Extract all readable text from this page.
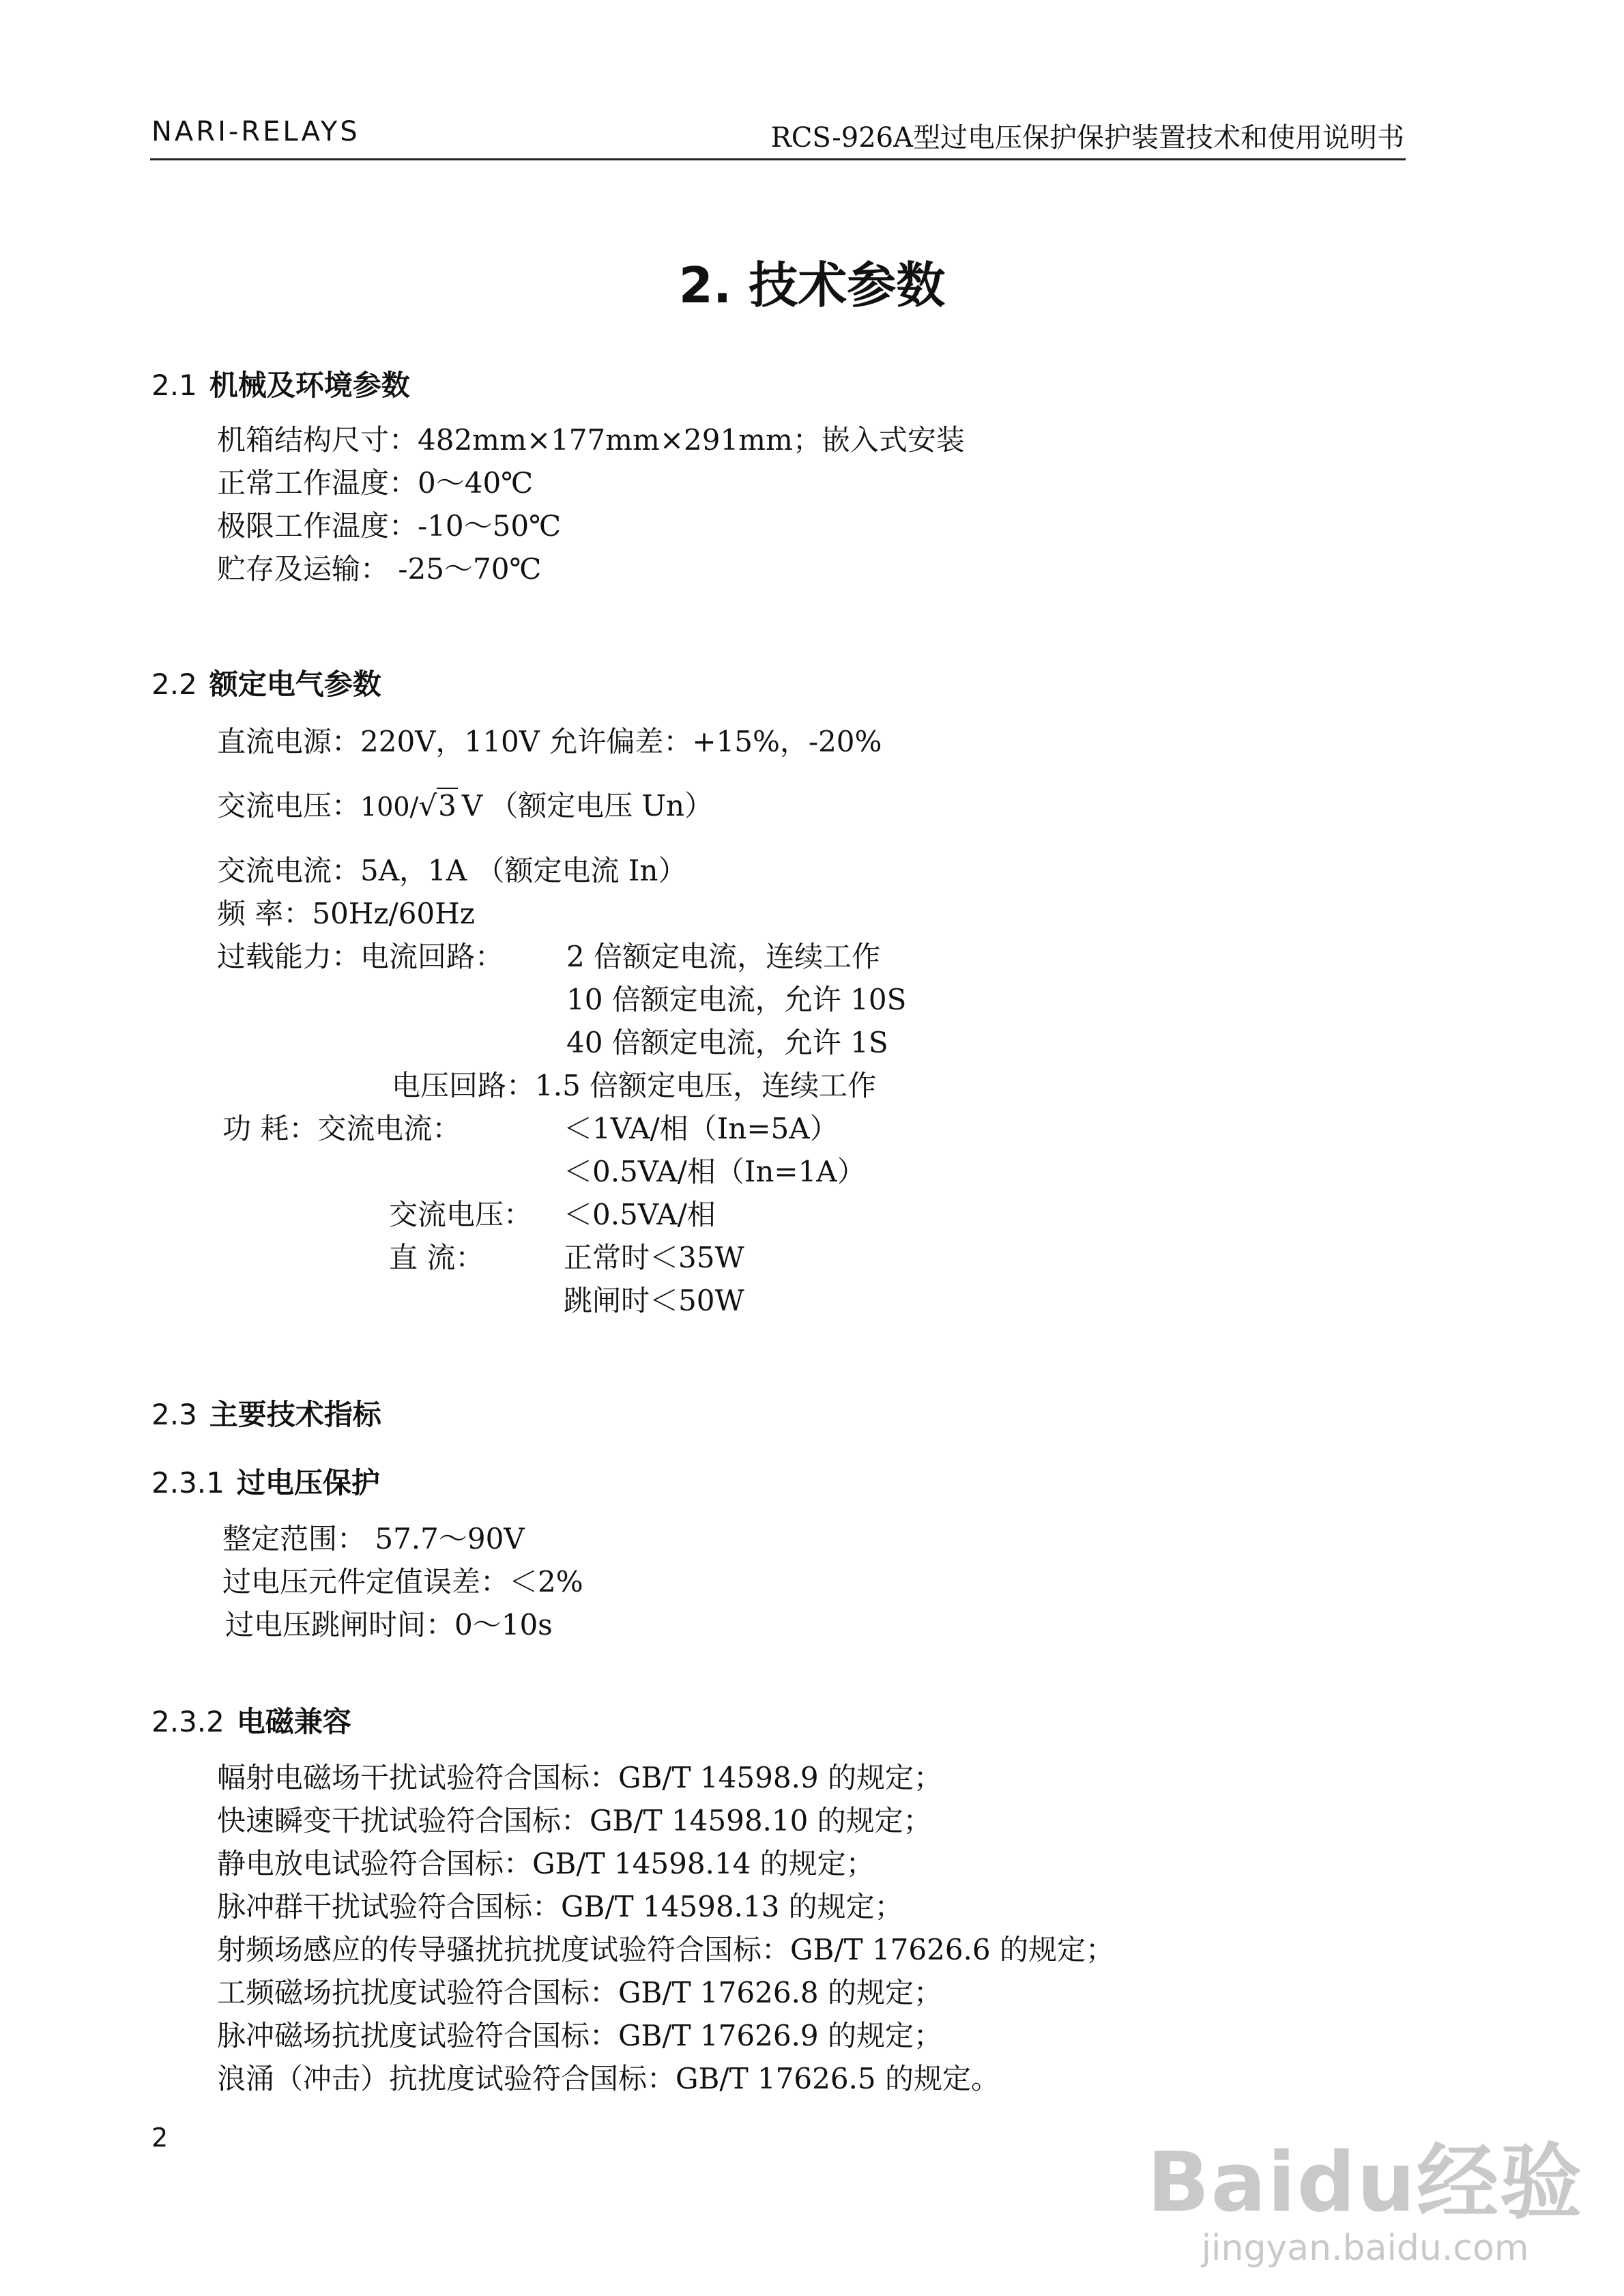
NARI-RELAYS	RCS-926A型过电压保护保护装置技术和使用说明书
2. 技术参数
2.1 机械及环境参数
机箱结构尺寸：482mm×177mm×291mm；嵌入式安装
正常工作温度：0～40℃
极限工作温度：-10～50℃
贮存及运输： -25～70℃
2.2 额定电气参数
直流电源：220V，110V 允许偏差：+15%，-20%
交流电压：100/√3 V （额定电压 Un）
交流电流：5A，1A （额定电流 In）
频 率：50Hz/60Hz
过载能力：电流回路： 2 倍额定电流，连续工作
10 倍额定电流，允许 10S
40 倍额定电流，允许 1S
电压回路：1.5 倍额定电压，连续工作
功 耗：交流电流：	＜1VA/相（In=5A）
＜0.5VA/相（In=1A）
交流电压： ＜0.5VA/相
直 流：	正常时＜35W
跳闸时＜50W
2.3 主要技术指标
2.3.1 过电压保护
整定范围： 57.7～90V
过电压元件定值误差：＜2%
过电压跳闸时间：0～10s
2.3.2 电磁兼容
幅射电磁场干扰试验符合国标：GB/T 14598.9 的规定；
快速瞬变干扰试验符合国标：GB/T 14598.10 的规定；
静电放电试验符合国标：GB/T 14598.14 的规定；
脉冲群干扰试验符合国标：GB/T 14598.13 的规定；
射频场感应的传导骚扰抗扰度试验符合国标：GB/T 17626.6 的规定；
工频磁场抗扰度试验符合国标：GB/T 17626.8 的规定；
脉冲磁场抗扰度试验符合国标：GB/T 17626.9 的规定；
浪涌（冲击）抗扰度试验符合国标：GB/T 17626.5 的规定。
2	Baidu经验
jingyan.baidu.com
